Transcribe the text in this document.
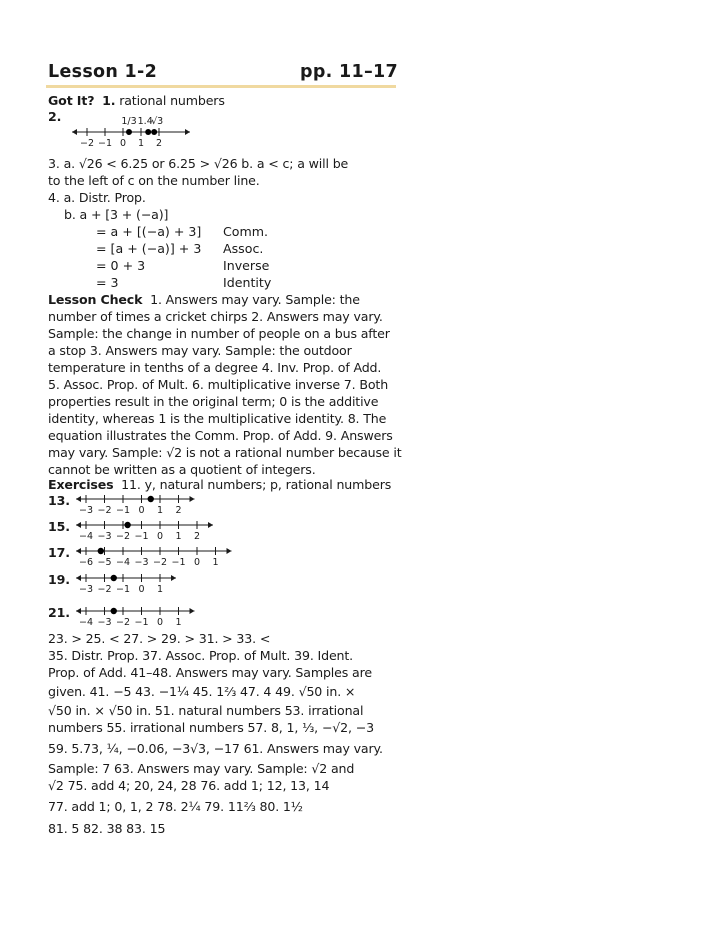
Lesson 1-2	pp. 11–17
Got It? 1. rational numbers
2.
−2 −1 0 1 2
1/3 1.4
√3
3. a. √26 < 6.25 or 6.25 > √26 b. a < c; a will be
to the left of c on the number line.
4. a. Distr. Prop.
b. a + [3 + (−a)]
= a + [(−a) + 3] Comm.
= [a + (−a)] + 3 Assoc.
= 0 + 3	Inverse
= 3	Identity
Lesson Check 1. Answers may vary. Sample: the
number of times a cricket chirps 2. Answers may vary.
Sample: the change in number of people on a bus after
a stop 3. Answers may vary. Sample: the outdoor
temperature in tenths of a degree 4. Inv. Prop. of Add.
5. Assoc. Prop. of Mult. 6. multiplicative inverse 7. Both
properties result in the original term; 0 is the additive
identity, whereas 1 is the multiplicative identity. 8. The
equation illustrates the Comm. Prop. of Add. 9. Answers
may vary. Sample: √2 is not a rational number because it
cannot be written as a quotient of integers.
Exercises 11. y, natural numbers; p, rational numbers
13.
−3 −2 −1 0 1 2
15.
−4 −3 −2 −1 0 1 2
17.
−6 −5 −4 −3 −2 −1 0 1
19.
−3 −2 −1 0 1
21.
−4 −3 −2 −1 0 1
23. > 25. < 27. > 29. > 31. > 33. <
35. Distr. Prop. 37. Assoc. Prop. of Mult. 39. Ident.
Prop. of Add. 41–48. Answers may vary. Samples are
given. 41. −5 43. −1¼ 45. 1⅔ 47. 4 49. √50 in. ×
√50 in. × √50 in. 51. natural numbers 53. irrational
numbers 55. irrational numbers 57. 8, 1, ⅓, −√2, −3
59. 5.73, ¼, −0.06, −3√3, −17 61. Answers may vary.
Sample: 7 63. Answers may vary. Sample: √2 and
√2 75. add 4; 20, 24, 28 76. add 1; 12, 13, 14
77. add 1; 0, 1, 2 78. 2¼ 79. 11⅔ 80. 1½
81. 5 82. 38 83. 15
